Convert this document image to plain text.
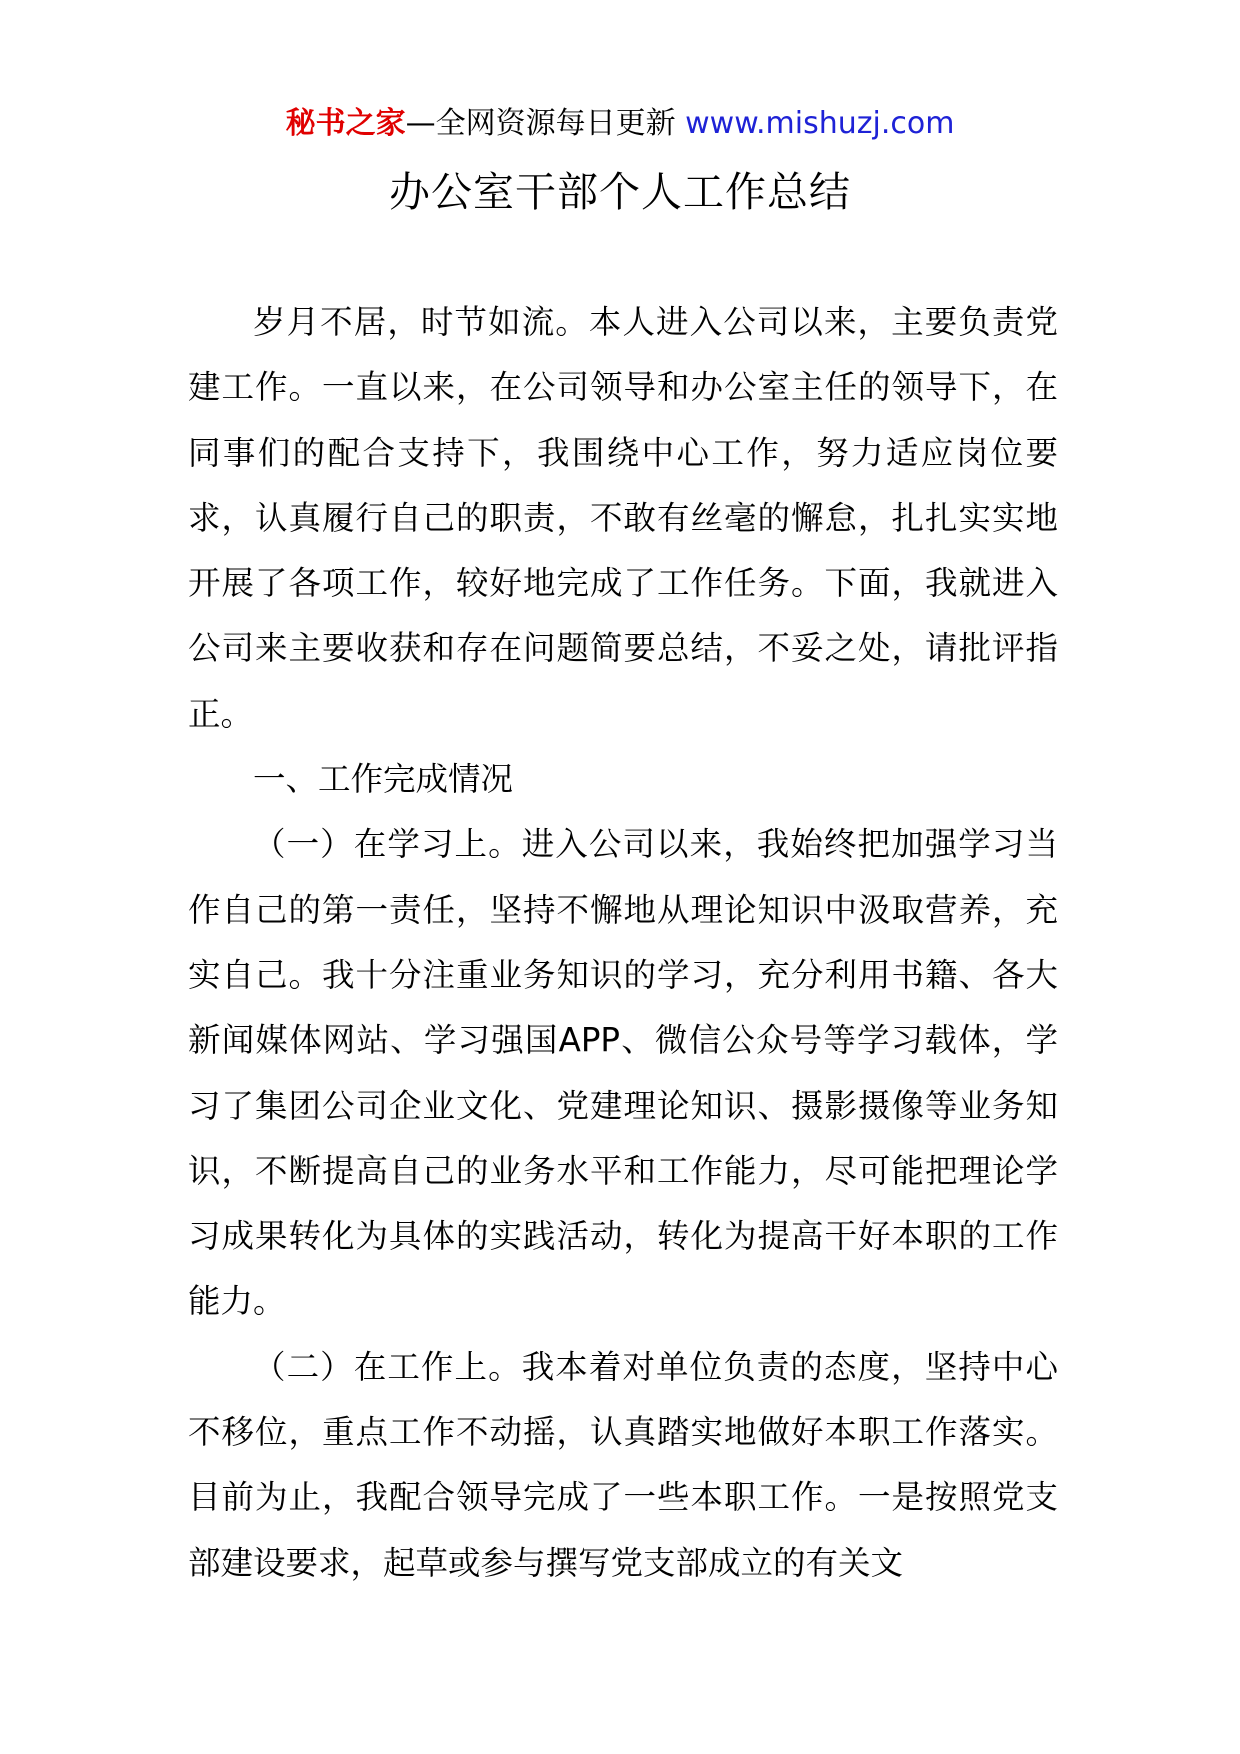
秘书之家—全网资源每日更新 www.mishuzj.com
办公室干部个人工作总结

岁月不居，时节如流。本人进入公司以来，主要负责党建工作。一直以来，在公司领导和办公室主任的领导下，在同事们的配合支持下，我围绕中心工作，努力适应岗位要求，认真履行自己的职责，不敢有丝毫的懈怠，扎扎实实地开展了各项工作，较好地完成了工作任务。下面，我就进入公司来主要收获和存在问题简要总结，不妥之处，请批评指正。

一、工作完成情况

（一）在学习上。进入公司以来，我始终把加强学习当作自己的第一责任，坚持不懈地从理论知识中汲取营养，充实自己。我十分注重业务知识的学习，充分利用书籍、各大新闻媒体网站、学习强国APP、微信公众号等学习载体，学习了集团公司企业文化、党建理论知识、摄影摄像等业务知识，不断提高自己的业务水平和工作能力，尽可能把理论学习成果转化为具体的实践活动，转化为提高干好本职的工作能力。

（二）在工作上。我本着对单位负责的态度，坚持中心不移位，重点工作不动摇，认真踏实地做好本职工作落实。目前为止，我配合领导完成了一些本职工作。一是按照党支部建设要求，起草或参与撰写党支部成立的有关文
